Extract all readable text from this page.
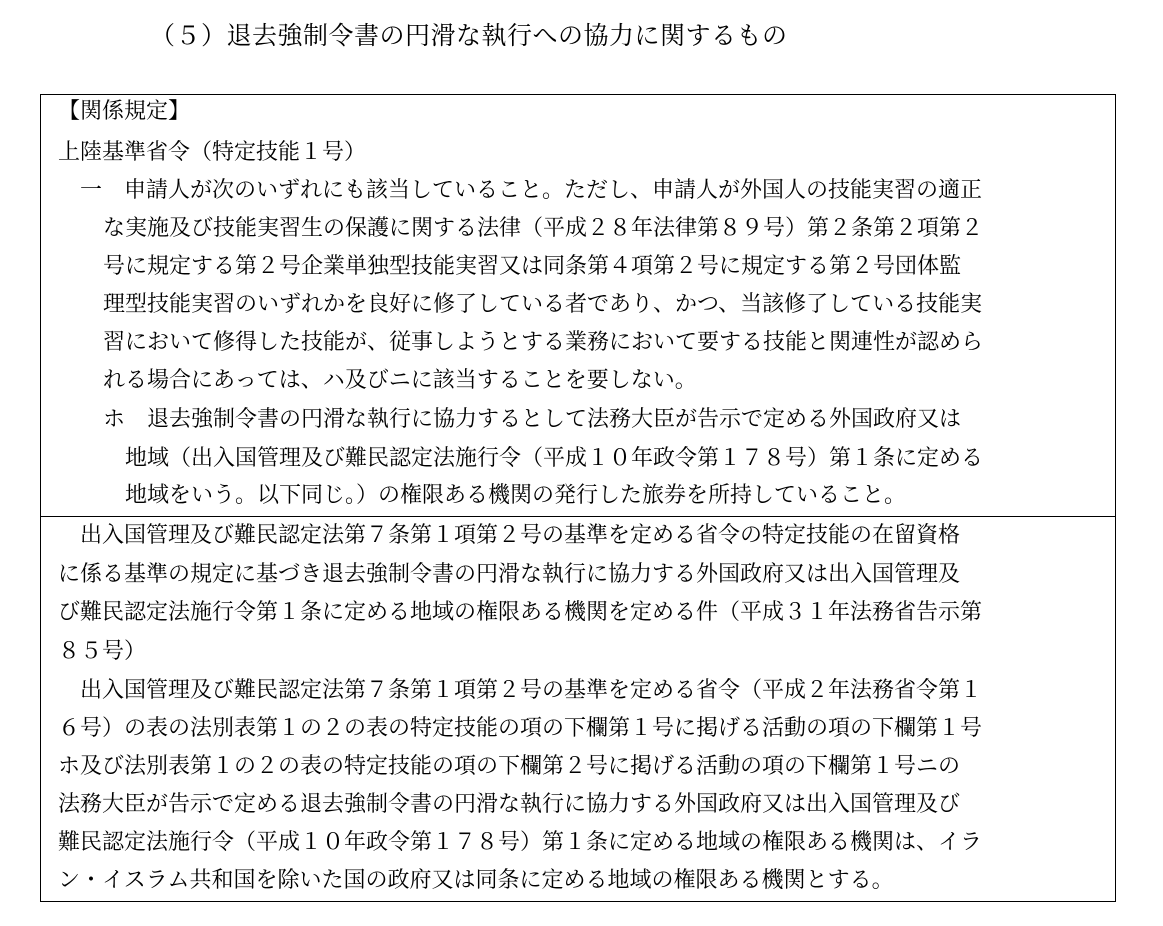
（５）退去強制令書の円滑な執行への協力に関するもの
【関係規定】
上陸基準省令（特定技能１号）
一　申請人が次のいずれにも該当していること。ただし、申請人が外国人の技能実習の適正
な実施及び技能実習生の保護に関する法律（平成２８年法律第８９号）第２条第２項第２
号に規定する第２号企業単独型技能実習又は同条第４項第２号に規定する第２号団体監
理型技能実習のいずれかを良好に修了している者であり、かつ、当該修了している技能実
習において修得した技能が、従事しようとする業務において要する技能と関連性が認めら
れる場合にあっては、ハ及びニに該当することを要しない。
ホ　退去強制令書の円滑な執行に協力するとして法務大臣が告示で定める外国政府又は
地域（出入国管理及び難民認定法施行令（平成１０年政令第１７８号）第１条に定める
地域をいう。以下同じ。）の権限ある機関の発行した旅券を所持していること。
出入国管理及び難民認定法第７条第１項第２号の基準を定める省令の特定技能の在留資格
に係る基準の規定に基づき退去強制令書の円滑な執行に協力する外国政府又は出入国管理及
び難民認定法施行令第１条に定める地域の権限ある機関を定める件（平成３１年法務省告示第
８５号）
出入国管理及び難民認定法第７条第１項第２号の基準を定める省令（平成２年法務省令第１
６号）の表の法別表第１の２の表の特定技能の項の下欄第１号に掲げる活動の項の下欄第１号
ホ及び法別表第１の２の表の特定技能の項の下欄第２号に掲げる活動の項の下欄第１号ニの
法務大臣が告示で定める退去強制令書の円滑な執行に協力する外国政府又は出入国管理及び
難民認定法施行令（平成１０年政令第１７８号）第１条に定める地域の権限ある機関は、イラ
ン・イスラム共和国を除いた国の政府又は同条に定める地域の権限ある機関とする。
